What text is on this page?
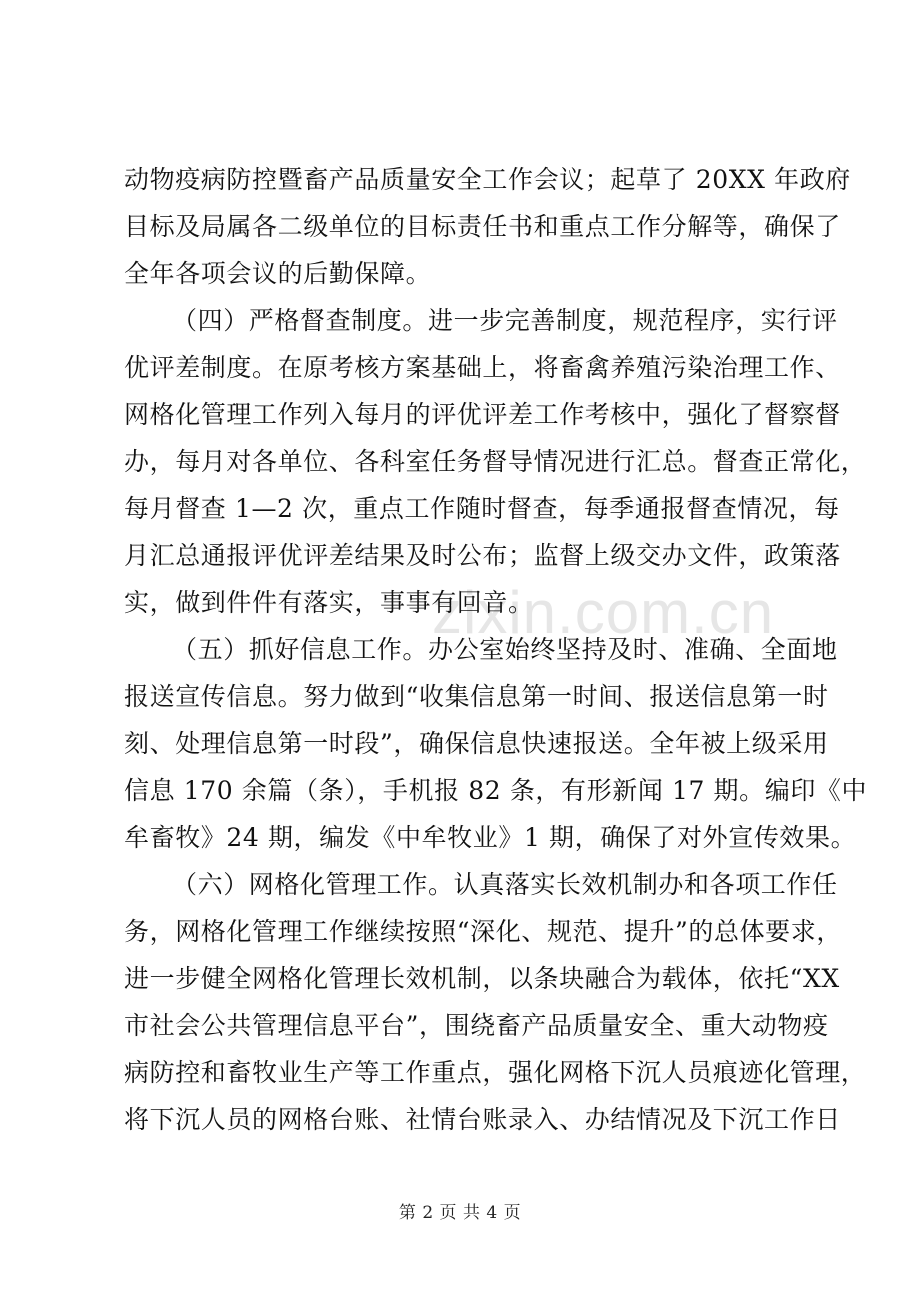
zixin.com.cn
动物疫病防控暨畜产品质量安全工作会议；起草了 20XX 年政府
目标及局属各二级单位的目标责任书和重点工作分解等，确保了
全年各项会议的后勤保障。
（四）严格督查制度。进一步完善制度，规范程序，实行评
优评差制度。在原考核方案基础上，将畜禽养殖污染治理工作、
网格化管理工作列入每月的评优评差工作考核中，强化了督察督
办，每月对各单位、各科室任务督导情况进行汇总。督查正常化，
每月督查 1—2 次，重点工作随时督查，每季通报督查情况，每
月汇总通报评优评差结果及时公布；监督上级交办文件，政策落
实，做到件件有落实，事事有回音。
（五）抓好信息工作。办公室始终坚持及时、准确、全面地
报送宣传信息。努力做到“收集信息第一时间、报送信息第一时
刻、处理信息第一时段”，确保信息快速报送。全年被上级采用
信息 170 余篇（条），手机报 82 条，有形新闻 17 期。编印《中
牟畜牧》24 期，编发《中牟牧业》1 期，确保了对外宣传效果。
（六）网格化管理工作。认真落实长效机制办和各项工作任
务，网格化管理工作继续按照“深化、规范、提升”的总体要求，
进一步健全网格化管理长效机制，以条块融合为载体，依托“XX
市社会公共管理信息平台”，围绕畜产品质量安全、重大动物疫
病防控和畜牧业生产等工作重点，强化网格下沉人员痕迹化管理，
将下沉人员的网格台账、社情台账录入、办结情况及下沉工作日
第 2 页 共 4 页
